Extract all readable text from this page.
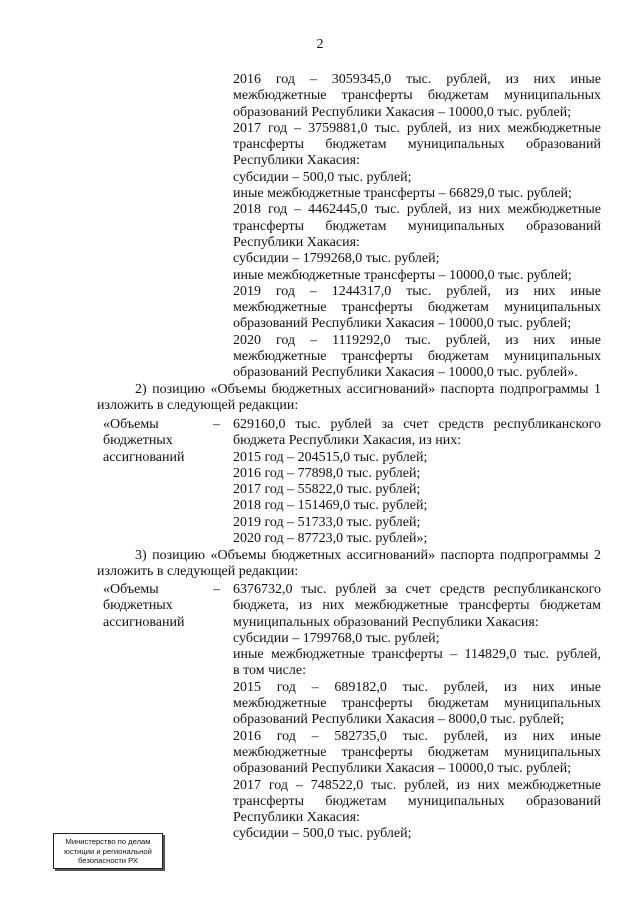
2
2016 год – 3059345,0 тыс. рублей, из них иные
межбюджетные трансферты бюджетам муниципальных
образований Республики Хакасия – 10000,0 тыс. рублей;
2017 год – 3759881,0 тыс. рублей, из них межбюджетные
трансферты бюджетам муниципальных образований
Республики Хакасия:
субсидии – 500,0 тыс. рублей;
иные межбюджетные трансферты – 66829,0 тыс. рублей;
2018 год – 4462445,0 тыс. рублей, из них межбюджетные
трансферты бюджетам муниципальных образований
Республики Хакасия:
субсидии – 1799268,0 тыс. рублей;
иные межбюджетные трансферты – 10000,0 тыс. рублей;
2019 год – 1244317,0 тыс. рублей, из них иные
межбюджетные трансферты бюджетам муниципальных
образований Республики Хакасия – 10000,0 тыс. рублей;
2020 год – 1119292,0 тыс. рублей, из них иные
межбюджетные трансферты бюджетам муниципальных
образований Республики Хакасия – 10000,0 тыс. рублей».
2) позицию «Объемы бюджетных ассигнований» паспорта подпрограммы 1
изложить в следующей редакции:
«Объемы
бюджетных
ассигнований
– 629160,0 тыс. рублей за счет средств республиканского
бюджета Республики Хакасия, из них:
2015 год – 204515,0 тыс. рублей;
2016 год – 77898,0 тыс. рублей;
2017 год – 55822,0 тыс. рублей;
2018 год – 151469,0 тыс. рублей;
2019 год – 51733,0 тыс. рублей;
2020 год – 87723,0 тыс. рублей»;
3) позицию «Объемы бюджетных ассигнований» паспорта подпрограммы 2
изложить в следующей редакции:
«Объемы
бюджетных
ассигнований
– 6376732,0 тыс. рублей за счет средств республиканского
бюджета, из них межбюджетные трансферты бюджетам
муниципальных образований Республики Хакасия:
субсидии – 1799768,0 тыс. рублей;
иные межбюджетные трансферты – 114829,0 тыс. рублей,
в том числе:
2015 год – 689182,0 тыс. рублей, из них иные
межбюджетные трансферты бюджетам муниципальных
образований Республики Хакасия – 8000,0 тыс. рублей;
2016 год – 582735,0 тыс. рублей, из них иные
межбюджетные трансферты бюджетам муниципальных
образований Республики Хакасия – 10000,0 тыс. рублей;
2017 год – 748522,0 тыс. рублей, из них межбюджетные
трансферты бюджетам муниципальных образований
Республики Хакасия:
субсидии – 500,0 тыс. рублей;
Министерство по делам
юстиции и региональной
безопасности РХ
